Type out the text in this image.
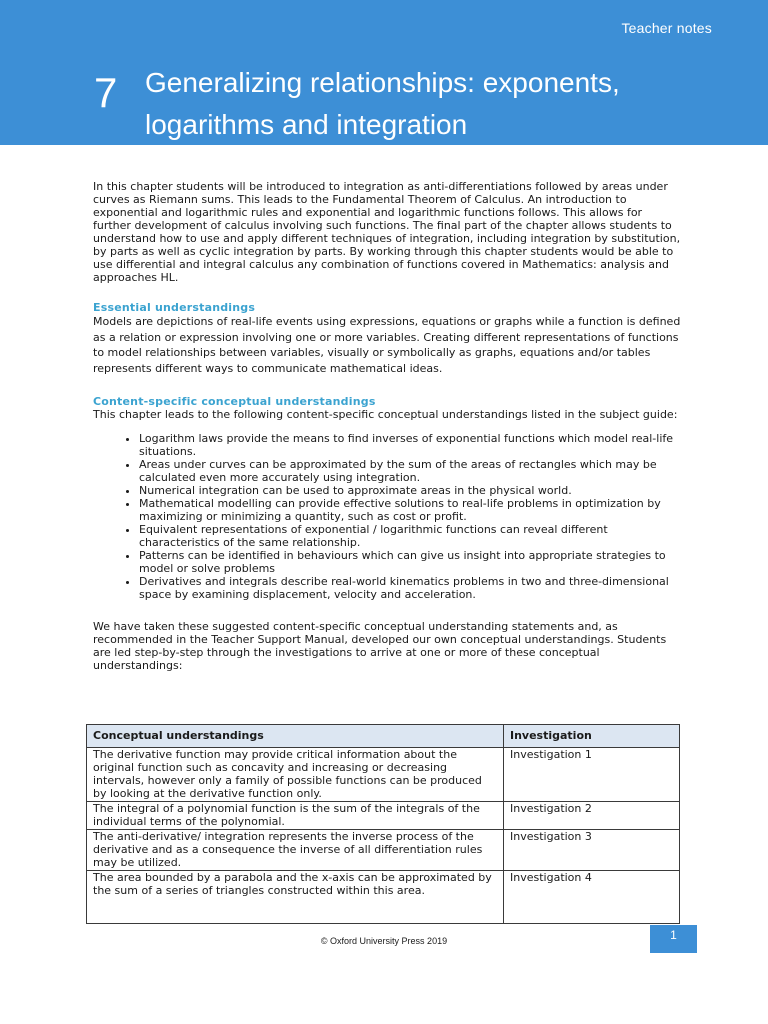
Teacher notes
7 Generalizing relationships: exponents,
logarithms and integration

In this chapter students will be introduced to integration as anti-differentiations followed by areas under curves as Riemann sums. This leads to the Fundamental Theorem of Calculus. An introduction to exponential and logarithmic rules and exponential and logarithmic functions follows. This allows for further development of calculus involving such functions. The final part of the chapter allows students to understand how to use and apply different techniques of integration, including integration by substitution, by parts as well as cyclic integration by parts. By working through this chapter students would be able to use differential and integral calculus any combination of functions covered in Mathematics: analysis and approaches HL.

Essential understandings

Models are depictions of real-life events using expressions, equations or graphs while a function is defined as a relation or expression involving one or more variables. Creating different representations of functions to model relationships between variables, visually or symbolically as graphs, equations and/or tables represents different ways to communicate mathematical ideas.

Content-specific conceptual understandings

This chapter leads to the following content-specific conceptual understandings listed in the subject guide:

• Logarithm laws provide the means to find inverses of exponential functions which model real-life situations.
• Areas under curves can be approximated by the sum of the areas of rectangles which may be calculated even more accurately using integration.
• Numerical integration can be used to approximate areas in the physical world.
• Mathematical modelling can provide effective solutions to real-life problems in optimization by maximizing or minimizing a quantity, such as cost or profit.
• Equivalent representations of exponential / logarithmic functions can reveal different characteristics of the same relationship.
• Patterns can be identified in behaviours which can give us insight into appropriate strategies to model or solve problems
• Derivatives and integrals describe real-world kinematics problems in two and three-dimensional space by examining displacement, velocity and acceleration.

We have taken these suggested content-specific conceptual understanding statements and, as recommended in the Teacher Support Manual, developed our own conceptual understandings. Students are led step-by-step through the investigations to arrive at one or more of these conceptual understandings:

Conceptual understandings	Investigation
The derivative function may provide critical information about the original function such as concavity and increasing or decreasing intervals, however only a family of possible functions can be produced by looking at the derivative function only.	Investigation 1
The integral of a polynomial function is the sum of the integrals of the individual terms of the polynomial.	Investigation 2
The anti-derivative/ integration represents the inverse process of the derivative and as a consequence the inverse of all differentiation rules may be utilized.	Investigation 3
The area bounded by a parabola and the x-axis can be approximated by the sum of a series of triangles constructed within this area.	Investigation 4
1
© Oxford University Press 2019
